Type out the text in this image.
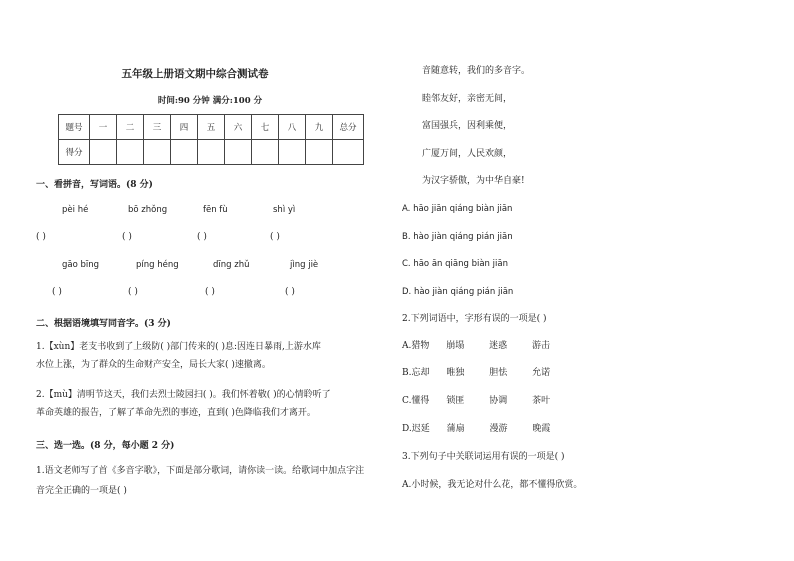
五年级上册语文期中综合测试卷
时间:90 分钟 满分:100 分
题号	一	二	三	四	五	六	七	八	九	总分
得分										
一、看拼音，写词语。(8 分)
pèi hé	bō zhǒng	fēn fù	shì yì
( )	( )	( )	( )
gāo bīng	píng héng	dīng zhǔ	jìng jiè
( )	( )	( )	( )
二、根据语境填写同音字。(3 分)
1.【xùn】老支书收到了上级防( )部门传来的( )息:因连日暴雨,上游水库
水位上涨，为了群众的生命财产安全，局长大家( )速撤离。
2.【mù】清明节这天，我们去烈士陵园扫( )。我们怀着敬( )的心情聆听了
革命英雄的报告，了解了革命先烈的事迹，直到( )色降临我们才离开。
三、选一选。(8 分，每小题 2 分)
1.语文老师写了首《多音字歌》，下面是部分歌词，请你读一读。给歌词中加点字注
音完全正确的一项是( )
音随意转，我们的多音字。
睦邻友好，亲密无间，
富国强兵，因利乘便，
广厦万间，人民欢颜，
为汉字骄傲，为中华自豪!
A. hāo jiān qiáng biàn jiān
B. hào jiàn qiáng pián jiān
C. hāo ān qiāng biàn jiān
D. hào jiàn qiáng pián jiān
2.下列词语中，字形有误的一项是( )
A.猎物 崩塌	迷惑	游击
B.忘却 唯独	胆怯	允诺
C.懂得 锁匪	协调	茶叶
D.迟延 蒲扇	漫游	晚霞
3.下列句子中关联词运用有误的一项是( )
A.小时候，我无论对什么花，都不懂得欣赏。
